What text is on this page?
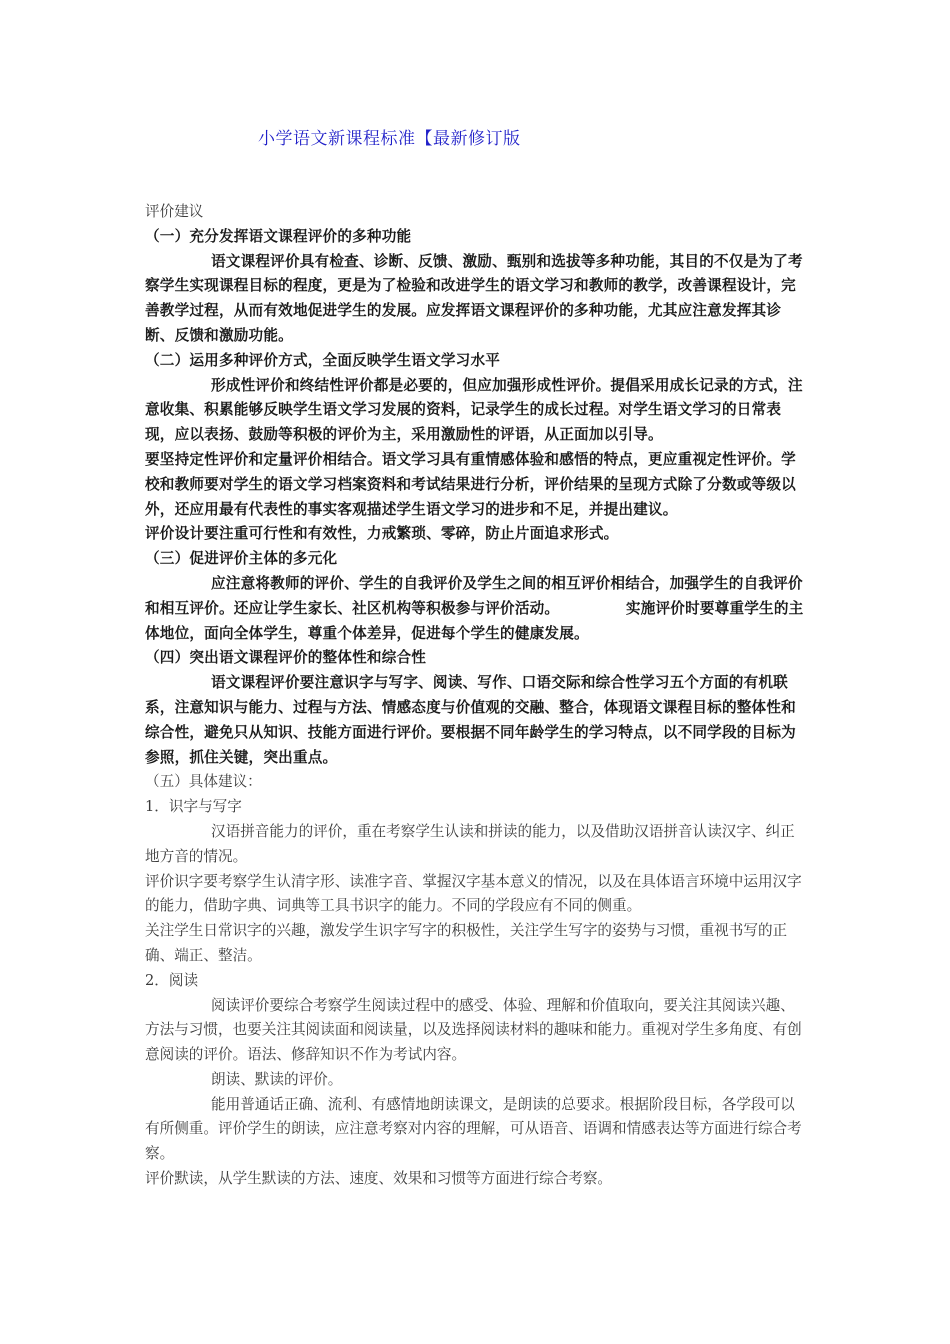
小学语文新课程标准【最新修订版

评价建议

（一）充分发挥语文课程评价的多种功能

语文课程评价具有检查、诊断、反馈、激励、甄别和选拔等多种功能，其目的不仅是为了考察学生实现课程目标的程度，更是为了检验和改进学生的语文学习和教师的教学，改善课程设计，完善教学过程，从而有效地促进学生的发展。应发挥语文课程评价的多种功能，尤其应注意发挥其诊断、反馈和激励功能。

（二）运用多种评价方式，全面反映学生语文学习水平

形成性评价和终结性评价都是必要的，但应加强形成性评价。提倡采用成长记录的方式，注意收集、积累能够反映学生语文学习发展的资料，记录学生的成长过程。对学生语文学习的日常表现，应以表扬、鼓励等积极的评价为主，采用激励性的评语，从正面加以引导。

要坚持定性评价和定量评价相结合。语文学习具有重情感体验和感悟的特点，更应重视定性评价。学校和教师要对学生的语文学习档案资料和考试结果进行分析，评价结果的呈现方式除了分数或等级以外，还应用最有代表性的事实客观描述学生语文学习的进步和不足，并提出建议。

评价设计要注重可行性和有效性，力戒繁琐、零碎，防止片面追求形式。

（三）促进评价主体的多元化

应注意将教师的评价、学生的自我评价及学生之间的相互评价相结合，加强学生的自我评价和相互评价。还应让学生家长、社区机构等积极参与评价活动。　　　　　实施评价时要尊重学生的主体地位，面向全体学生，尊重个体差异，促进每个学生的健康发展。

（四）突出语文课程评价的整体性和综合性

语文课程评价要注意识字与写字、阅读、写作、口语交际和综合性学习五个方面的有机联系，注意知识与能力、过程与方法、情感态度与价值观的交融、整合，体现语文课程目标的整体性和综合性，避免只从知识、技能方面进行评价。要根据不同年龄学生的学习特点，以不同学段的目标为参照，抓住关键，突出重点。

（五）具体建议：

1．识字与写字

汉语拼音能力的评价，重在考察学生认读和拼读的能力，以及借助汉语拼音认读汉字、纠正地方音的情况。

评价识字要考察学生认清字形、读准字音、掌握汉字基本意义的情况，以及在具体语言环境中运用汉字的能力，借助字典、词典等工具书识字的能力。不同的学段应有不同的侧重。

关注学生日常识字的兴趣，激发学生识字写字的积极性，关注学生写字的姿势与习惯，重视书写的正确、端正、整洁。

2．阅读

阅读评价要综合考察学生阅读过程中的感受、体验、理解和价值取向，要关注其阅读兴趣、方法与习惯，也要关注其阅读面和阅读量，以及选择阅读材料的趣味和能力。重视对学生多角度、有创意阅读的评价。语法、修辞知识不作为考试内容。

朗读、默读的评价。

能用普通话正确、流利、有感情地朗读课文，是朗读的总要求。根据阶段目标，各学段可以有所侧重。评价学生的朗读，应注意考察对内容的理解，可从语音、语调和情感表达等方面进行综合考察。

评价默读，从学生默读的方法、速度、效果和习惯等方面进行综合考察。
